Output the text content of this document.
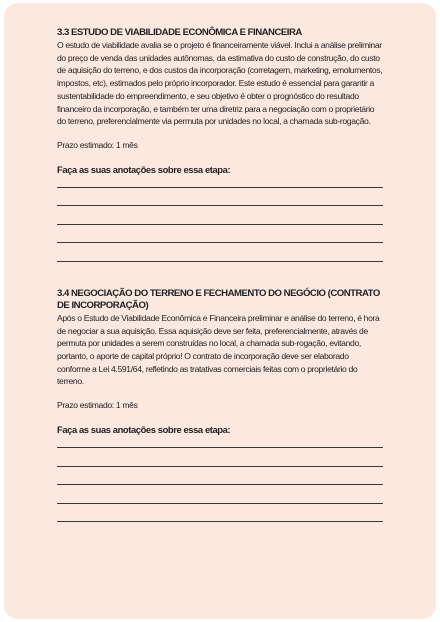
3.3 ESTUDO DE VIABILIDADE ECONÔMICA E FINANCEIRA

O estudo de viabilidade avalia se o projeto é financeiramente viável. Inclui a análise preliminar do preço de venda das unidades autônomas, da estimativa do custo de construção, do custo de aquisição do terreno, e dos custos da incorporação (corretagem, marketing, emolumentos, impostos, etc), estimados pelo próprio incorporador. Este estudo é essencial para garantir a sustentabilidade do empreendimento, e seu objetivo é obter o prognóstico do resultado financeiro da incorporação, e também ter uma diretriz para a negociação com o proprietário do terreno, preferencialmente via permuta por unidades no local, a chamada sub-rogação.

Prazo estimado: 1 mês

Faça as suas anotações sobre essa etapa:

3.4 NEGOCIAÇÃO DO TERRENO E FECHAMENTO DO NEGÓCIO (CONTRATO DE INCORPORAÇÃO)

Após o Estudo de Viabilidade Econômica e Financeira preliminar e análise do terreno, é hora de negociar a sua aquisição. Essa aquisição deve ser feita, preferencialmente, através de permuta por unidades a serem construídas no local, a chamada sub-rogação, evitando, portanto, o aporte de capital próprio! O contrato de incorporação deve ser elaborado conforme a Lei 4.591/64, refletindo as tratativas comerciais feitas com o proprietário do terreno.

Prazo estimado: 1 mês

Faça as suas anotações sobre essa etapa:
